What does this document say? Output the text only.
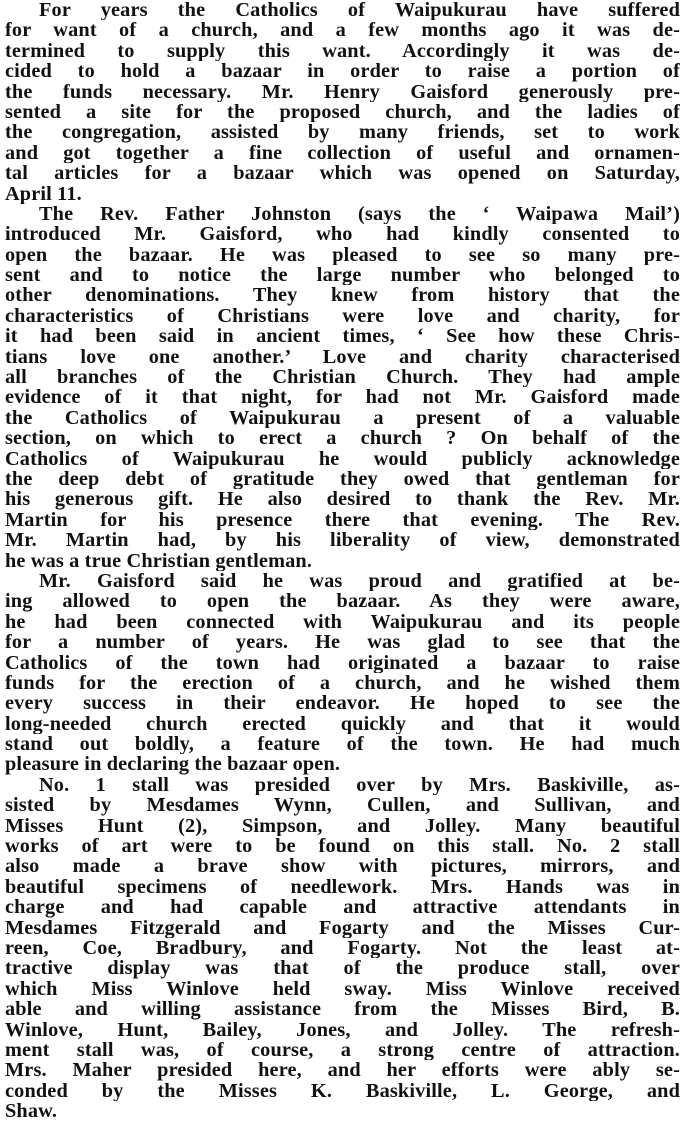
For years the Catholics of Waipukurau have suffered
for want of a church, and a few months ago it was de-
termined to supply this want. Accordingly it was de-
cided to hold a bazaar in order to raise a portion of
the funds necessary. Mr. Henry Gaisford generously pre-
sented a site for the proposed church, and the ladies of
the congregation, assisted by many friends, set to work
and got together a fine collection of useful and ornamen-
tal articles for a bazaar which was opened on Saturday,
April 11.
The Rev. Father Johnston (says the ‘ Waipawa Mail’)
introduced Mr. Gaisford, who had kindly consented to
open the bazaar. He was pleased to see so many pre-
sent and to notice the large number who belonged to
other denominations. They knew from history that the
characteristics of Christians were love and charity, for
it had been said in ancient times, ‘ See how these Chris-
tians love one another.’ Love and charity characterised
all branches of the Christian Church. They had ample
evidence of it that night, for had not Mr. Gaisford made
the Catholics of Waipukurau a present of a valuable
section, on which to erect a church ? On behalf of the
Catholics of Waipukurau he would publicly acknowledge
the deep debt of gratitude they owed that gentleman for
his generous gift. He also desired to thank the Rev. Mr.
Martin for his presence there that evening. The Rev.
Mr. Martin had, by his liberality of view, demonstrated
he was a true Christian gentleman.
Mr. Gaisford said he was proud and gratified at be-
ing allowed to open the bazaar. As they were aware,
he had been connected with Waipukurau and its people
for a number of years. He was glad to see that the
Catholics of the town had originated a bazaar to raise
funds for the erection of a church, and he wished them
every success in their endeavor. He hoped to see the
long-needed church erected quickly and that it would
stand out boldly, a feature of the town. He had much
pleasure in declaring the bazaar open.
No. 1 stall was presided over by Mrs. Baskiville, as-
sisted by Mesdames Wynn, Cullen, and Sullivan, and
Misses Hunt (2), Simpson, and Jolley. Many beautiful
works of art were to be found on this stall. No. 2 stall
also made a brave show with pictures, mirrors, and
beautiful specimens of needlework. Mrs. Hands was in
charge and had capable and attractive attendants in
Mesdames Fitzgerald and Fogarty and the Misses Cur-
reen, Coe, Bradbury, and Fogarty. Not the least at-
tractive display was that of the produce stall, over
which Miss Winlove held sway. Miss Winlove received
able and willing assistance from the Misses Bird, B.
Winlove, Hunt, Bailey, Jones, and Jolley. The refresh-
ment stall was, of course, a strong centre of attraction.
Mrs. Maher presided here, and her efforts were ably se-
conded by the Misses K. Baskiville, L. George, and
Shaw.
